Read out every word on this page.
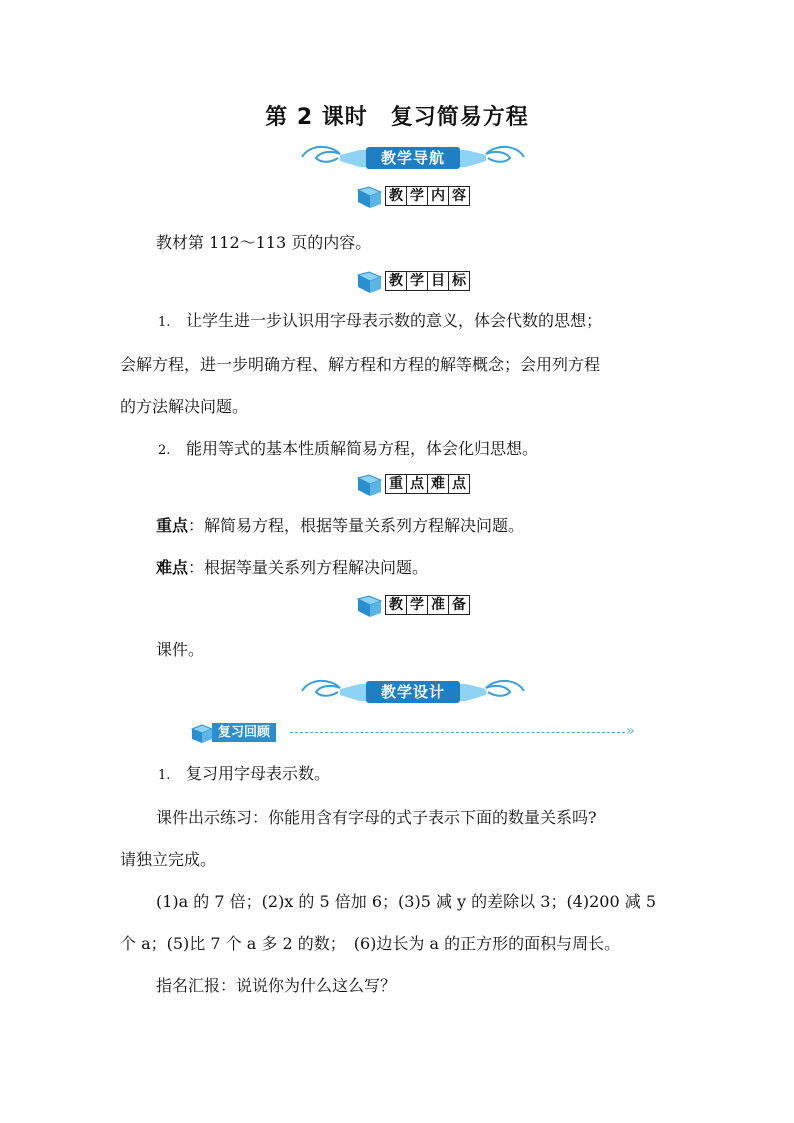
第 2 课时　复习简易方程
教学导航
教 学 内 容

教材第 112～113 页的内容。

教 学 目 标

1. 让学生进一步认识用字母表示数的意义，体会代数的思想；

会解方程，进一步明确方程、解方程和方程的解等概念；会用列方程

的方法解决问题。

2. 能用等式的基本性质解简易方程，体会化归思想。

重 点 难 点

重点：解简易方程，根据等量关系列方程解决问题。

难点：根据等量关系列方程解决问题。

教 学 准 备

课件。

教学设计
复习回顾	»

1. 复习用字母表示数。

课件出示练习：你能用含有字母的式子表示下面的数量关系吗?

请独立完成。

(1)a 的 7 倍；(2)x 的 5 倍加 6；(3)5 减 y 的差除以 3；(4)200 减 5

个 a；(5)比 7 个 a 多 2 的数；　(6)边长为 a 的正方形的面积与周长。

指名汇报：说说你为什么这么写？
